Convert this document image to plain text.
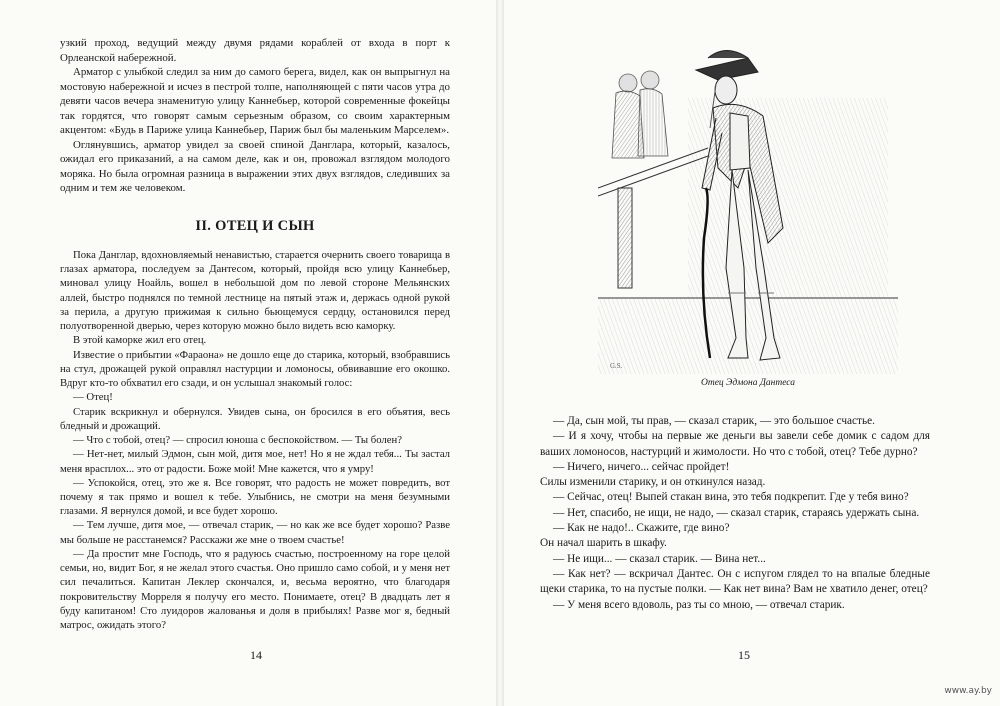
узкий проход, ведущий между двумя рядами кораблей от входа в порт к Орлеанской набережной.

Арматор с улыбкой следил за ним до самого берега, видел, как он выпрыгнул на мостовую набережной и исчез в пестрой толпе, наполняющей с пяти часов утра до девяти часов вечера знаменитую улицу Каннебьер, которой современные фокейцы так гордятся, что говорят самым серьезным образом, со своим характерным акцентом: «Будь в Париже улица Каннебьер, Париж был бы маленьким Марселем».

Оглянувшись, арматор увидел за своей спиной Данглара, который, казалось, ожидал его приказаний, а на самом деле, как и он, провожал взглядом молодого моряка. Но была огромная разница в выражении этих двух взглядов, следивших за одним и тем же человеком.

II. ОТЕЦ И СЫН

Пока Данглар, вдохновляемый ненавистью, старается очернить своего товарища в глазах арматора, последуем за Дантесом, который, пройдя всю улицу Каннебьер, миновал улицу Ноайль, вошел в небольшой дом по левой стороне Мельянских аллей, быстро поднялся по темной лестнице на пятый этаж и, держась одной рукой за перила, а другую прижимая к сильно бьющемуся сердцу, остановился перед полуотворенной дверью, через которую можно было видеть всю каморку.

В этой каморке жил его отец.

Известие о прибытии «Фараона» не дошло еще до старика, который, взобравшись на стул, дрожащей рукой оправлял настурции и ломоносы, обвивавшие его окошко. Вдруг кто-то обхватил его сзади, и он услышал знакомый голос:

— Отец!

Старик вскрикнул и обернулся. Увидев сына, он бросился в его объятия, весь бледный и дрожащий.

— Что с тобой, отец? — спросил юноша с беспокойством. — Ты болен?

— Нет-нет, милый Эдмон, сын мой, дитя мое, нет! Но я не ждал тебя... Ты застал меня врасплох... это от радости. Боже мой! Мне кажется, что я умру!

— Успокойся, отец, это же я. Все говорят, что радость не может повредить, вот почему я так прямо и вошел к тебе. Улыбнись, не смотри на меня безумными глазами. Я вернулся домой, и все будет хорошо.

— Тем лучше, дитя мое, — отвечал старик, — но как же все будет хорошо? Разве мы больше не расстанемся? Расскажи же мне о твоем счастье!

— Да простит мне Господь, что я радуюсь счастью, построенному на горе целой семьи, но, видит Бог, я не желал этого счастья. Оно пришло само собой, и у меня нет сил печалиться. Капитан Леклер скончался, и, весьма вероятно, что благодаря покровительству Морреля я получу его место. Понимаете, отец? В двадцать лет я буду капитаном! Сто луидоров жалованья и доля в прибылях! Разве мог я, бедный матрос, ожидать этого?

14
G.S.
Отец Эдмона Дантеса

— Да, сын мой, ты прав, — сказал старик, — это большое счастье.

— И я хочу, чтобы на первые же деньги вы завели себе домик с садом для ваших ломоносов, настурций и жимолости. Но что с тобой, отец? Тебе дурно?

— Ничего, ничего... сейчас пройдет!

Силы изменили старику, и он откинулся назад.

— Сейчас, отец! Выпей стакан вина, это тебя подкрепит. Где у тебя вино?

— Нет, спасибо, не ищи, не надо, — сказал старик, стараясь удержать сына.

— Как не надо!.. Скажите, где вино?

Он начал шарить в шкафу.

— Не ищи... — сказал старик. — Вина нет...

— Как нет? — вскричал Дантес. Он с испугом глядел то на впалые бледные щеки старика, то на пустые полки. — Как нет вина? Вам не хватило денег, отец?

— У меня всего вдоволь, раз ты со мною, — отвечал старик.

15
www.ay.by
